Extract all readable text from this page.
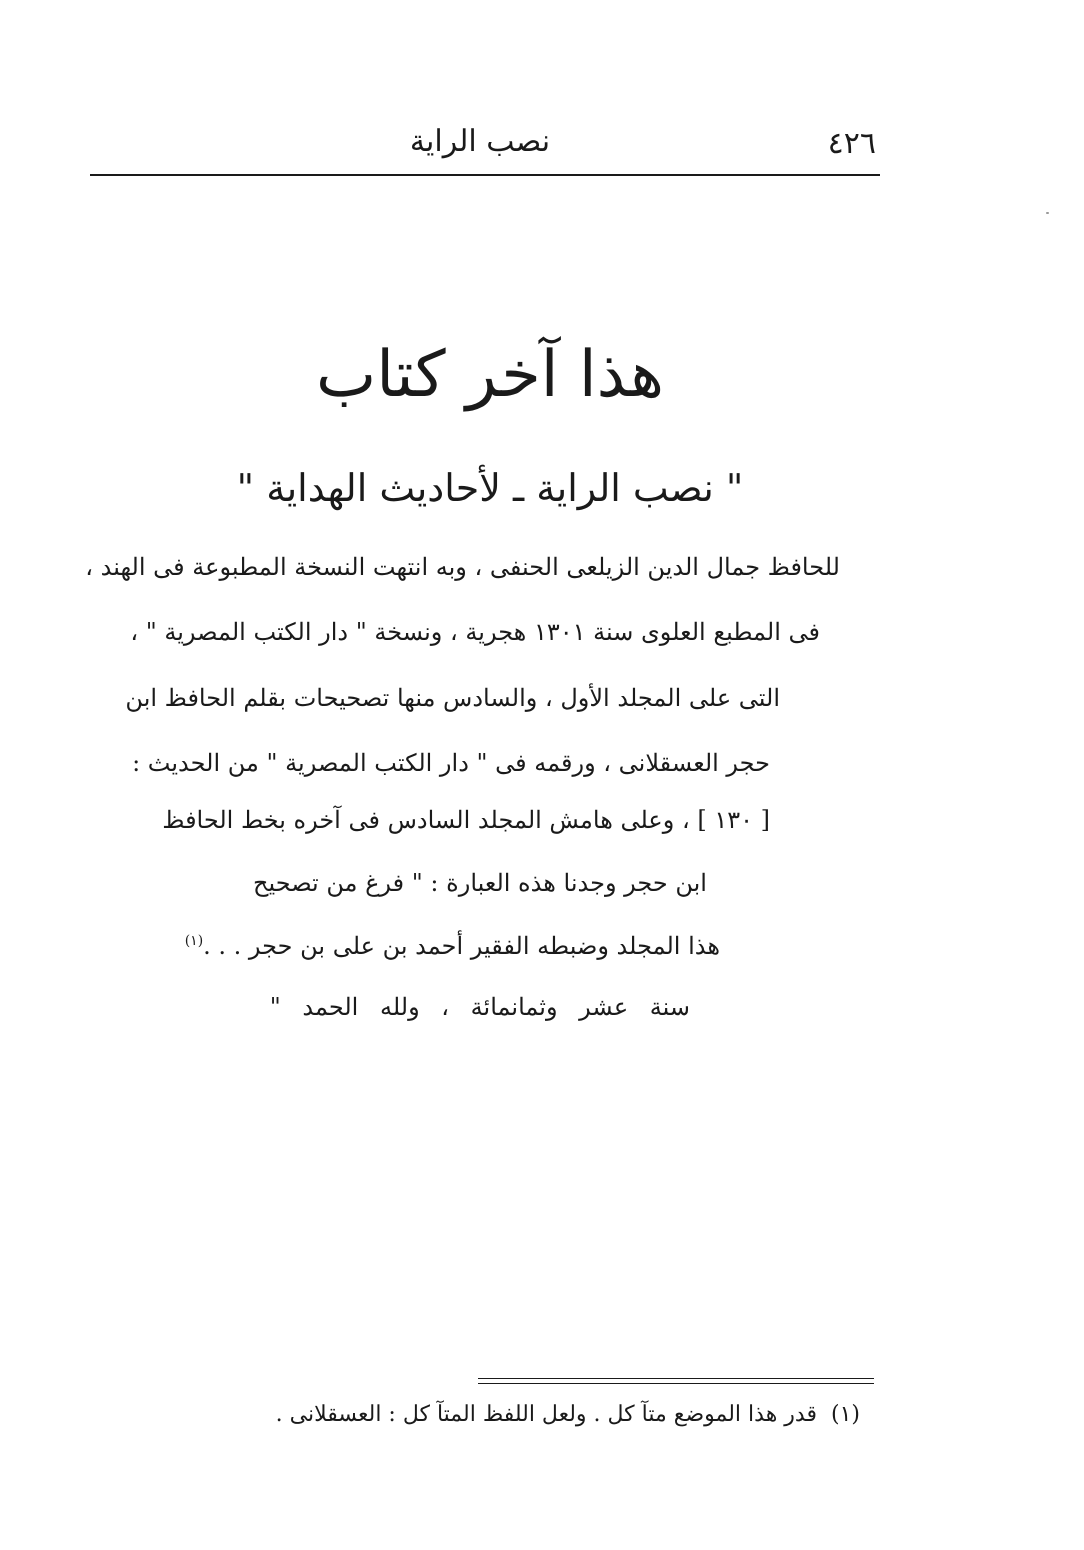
٤٢٦
نصب الراية
هذا آخر كتاب
" نصب الراية ـ لأحاديث الهداية "
للحافظ جمال الدين الزيلعى الحنفى ، وبه انتهت النسخة المطبوعة فى الهند ،
فى المطبع العلوى سنة ١٣٠١ هجرية ، ونسخة " دار الكتب المصرية " ،
التى على المجلد الأول ، والسادس منها تصحيحات بقلم الحافظ ابن
حجر العسقلانى ، ورقمه فى " دار الكتب المصرية " من الحديث :
[ ١٣٠ ] ، وعلى هامش المجلد السادس فى آخره بخط الحافظ
ابن حجر وجدنا هذه العبارة : " فرغ من تصحيح
هذا المجلد وضبطه الفقير أحمد بن على بن حجر . . .$^{(١)}$
سنة عشر وثمانمائة ، ولله الحمد "
(١)قدر هذا الموضع متآ كل . ولعل اللفظ المتآ كل : العسقلانى .
